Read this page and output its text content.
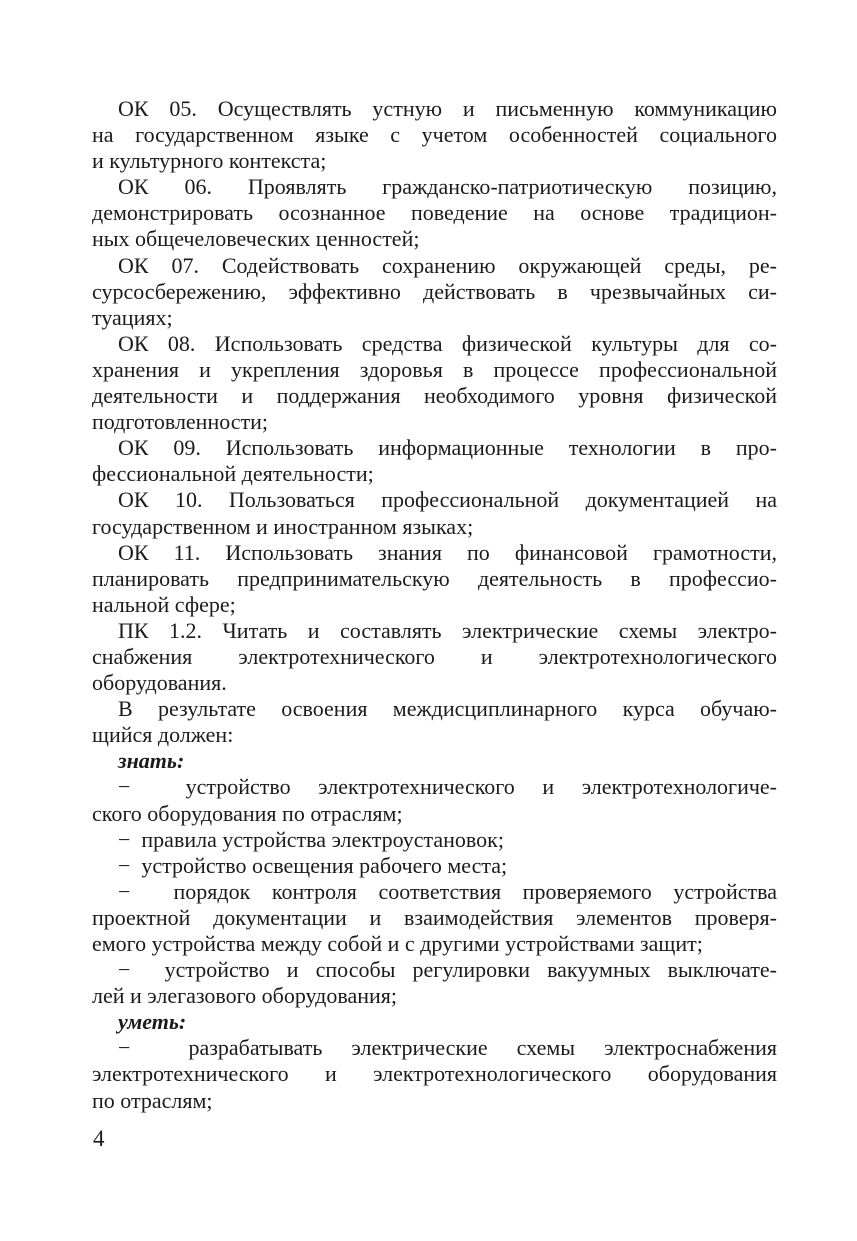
ОК 05. Осуществлять устную и письменную коммуникацию
на государственном языке с учетом особенностей социального
и культурного контекста;
ОК 06. Проявлять гражданско-патриотическую позицию,
демонстрировать осознанное поведение на основе традицион-
ных общечеловеческих ценностей;
ОК 07. Содействовать сохранению окружающей среды, ре-
сурсосбережению, эффективно действовать в чрезвычайных си-
туациях;
ОК 08. Использовать средства физической культуры для со-
хранения и укрепления здоровья в процессе профессиональной
деятельности и поддержания необходимого уровня физической
подготовленности;
ОК 09. Использовать информационные технологии в про-
фессиональной деятельности;
ОК 10. Пользоваться профессиональной документацией на
государственном и иностранном языках;
ОК 11. Использовать знания по финансовой грамотности,
планировать предпринимательскую деятельность в профессио-
нальной сфере;
ПК 1.2. Читать и составлять электрические схемы электро-
снабжения электротехнического и электротехнологического
оборудования.
В результате освоения междисциплинарного курса обучаю-
щийся должен:
знать:
−  устройство электротехнического и электротехнологиче-
ского оборудования по отраслям;
−  правила устройства электроустановок;
−  устройство освещения рабочего места;
−  порядок контроля соответствия проверяемого устройства
проектной документации и взаимодействия элементов проверя-
емого устройства между собой и с другими устройствами защит;
−  устройство и способы регулировки вакуумных выключате-
лей и элегазового оборудования;
уметь:
−  разрабатывать электрические схемы электроснабжения
электротехнического и электротехнологического оборудования
по отраслям;
4
